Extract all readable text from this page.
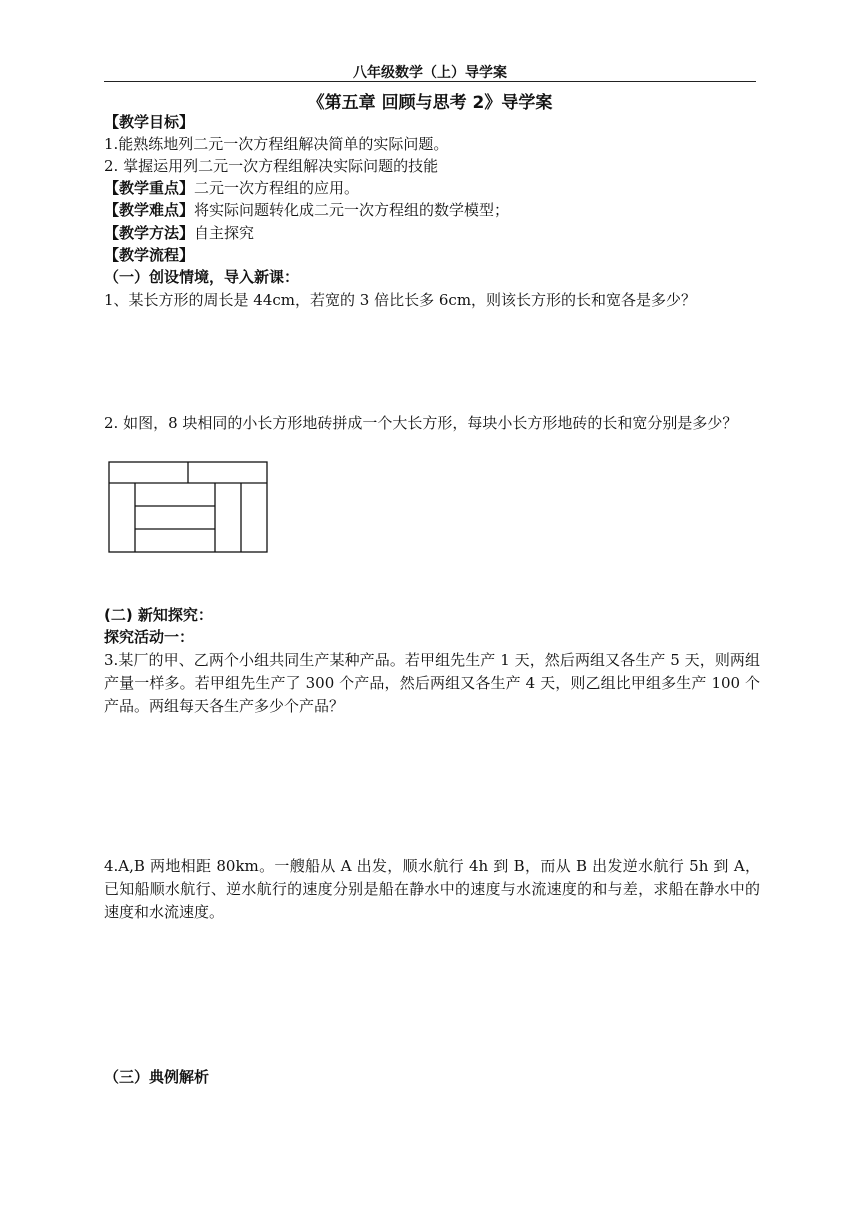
八年级数学（上）导学案
《第五章 回顾与思考 2》导学案
【教学目标】
1.能熟练地列二元一次方程组解决简单的实际问题。
2. 掌握运用列二元一次方程组解决实际问题的技能
【教学重点】二元一次方程组的应用。
【教学难点】将实际问题转化成二元一次方程组的数学模型；
【教学方法】自主探究
【教学流程】
（一）创设情境，导入新课：
1、某长方形的周长是 44cm，若宽的 3 倍比长多 6cm，则该长方形的长和宽各是多少？
2. 如图，8 块相同的小长方形地砖拼成一个大长方形，每块小长方形地砖的长和宽分别是多少？
(二) 新知探究：
探究活动一：
3.某厂的甲、乙两个小组共同生产某种产品。若甲组先生产 1 天，然后两组又各生产 5 天，则两组产量一样多。若甲组先生产了 300 个产品，然后两组又各生产 4 天，则乙组比甲组多生产 100 个产品。两组每天各生产多少个产品？
4.A,B 两地相距 80km。一艘船从 A 出发，顺水航行 4h 到 B，而从 B 出发逆水航行 5h 到 A，已知船顺水航行、逆水航行的速度分别是船在静水中的速度与水流速度的和与差，求船在静水中的速度和水流速度。
（三）典例解析
